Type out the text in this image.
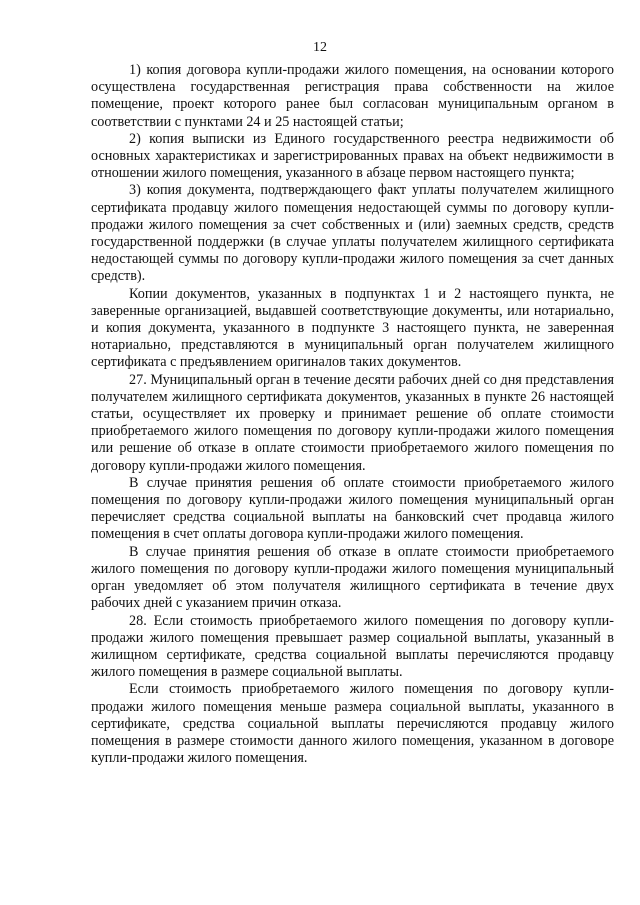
12

1) копия договора купли-продажи жилого помещения, на основании которого осуществлена государственная регистрация права собственности на жилое помещение, проект которого ранее был согласован муниципальным органом в соответствии с пунктами 24 и 25 настоящей статьи;

2) копия выписки из Единого государственного реестра недвижимости об основных характеристиках и зарегистрированных правах на объект недвижимости в отношении жилого помещения, указанного в абзаце первом настоящего пункта;

3) копия документа, подтверждающего факт уплаты получателем жилищного сертификата продавцу жилого помещения недостающей суммы по договору купли-продажи жилого помещения за счет собственных и (или) заемных средств, средств государственной поддержки (в случае уплаты получателем жилищного сертификата недостающей суммы по договору купли-продажи жилого помещения за счет данных средств).

Копии документов, указанных в подпунктах 1 и 2 настоящего пункта, не заверенные организацией, выдавшей соответствующие документы, или нотариально, и копия документа, указанного в подпункте 3 настоящего пункта, не заверенная нотариально, представляются в муниципальный орган получателем жилищного сертификата с предъявлением оригиналов таких документов.

27. Муниципальный орган в течение десяти рабочих дней со дня представления получателем жилищного сертификата документов, указанных в пункте 26 настоящей статьи, осуществляет их проверку и принимает решение об оплате стоимости приобретаемого жилого помещения по договору купли-продажи жилого помещения или решение об отказе в оплате стоимости приобретаемого жилого помещения по договору купли-продажи жилого помещения.

В случае принятия решения об оплате стоимости приобретаемого жилого помещения по договору купли-продажи жилого помещения муниципальный орган перечисляет средства социальной выплаты на банковский счет продавца жилого помещения в счет оплаты договора купли-продажи жилого помещения.

В случае принятия решения об отказе в оплате стоимости приобретаемого жилого помещения по договору купли-продажи жилого помещения муниципальный орган уведомляет об этом получателя жилищного сертификата в течение двух рабочих дней с указанием причин отказа.

28. Если стоимость приобретаемого жилого помещения по договору купли-продажи жилого помещения превышает размер социальной выплаты, указанный в жилищном сертификате, средства социальной выплаты перечисляются продавцу жилого помещения в размере социальной выплаты.

Если стоимость приобретаемого жилого помещения по договору купли-продажи жилого помещения меньше размера социальной выплаты, указанного в сертификате, средства социальной выплаты перечисляются продавцу жилого помещения в размере стоимости данного жилого помещения, указанном в договоре купли-продажи жилого помещения.
